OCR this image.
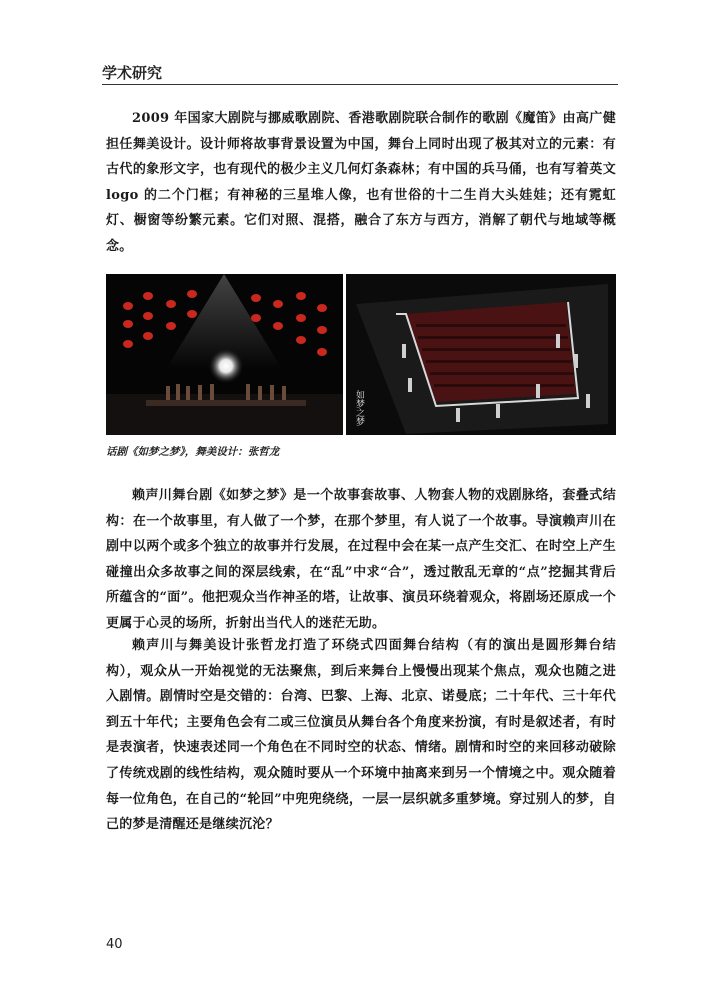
学术研究

2009 年国家大剧院与挪威歌剧院、香港歌剧院联合制作的歌剧《魔笛》由高广健担任舞美设计。设计师将故事背景设置为中国，舞台上同时出现了极其对立的元素：有古代的象形文字，也有现代的极少主义几何灯条森林；有中国的兵马俑，也有写着英文 logo 的二个门框；有神秘的三星堆人像，也有世俗的十二生肖大头娃娃；还有霓虹灯、橱窗等纷繁元素。它们对照、混搭，融合了东方与西方，消解了朝代与地域等概念。

如梦之梦
话剧《如梦之梦》，舞美设计：张哲龙

赖声川舞台剧《如梦之梦》是一个故事套故事、人物套人物的戏剧脉络，套叠式结构：在一个故事里，有人做了一个梦，在那个梦里，有人说了一个故事。导演赖声川在剧中以两个或多个独立的故事并行发展，在过程中会在某一点产生交汇、在时空上产生碰撞出众多故事之间的深层线索，在“乱”中求“合”，透过散乱无章的“点”挖掘其背后所蕴含的“面”。他把观众当作神圣的塔，让故事、演员环绕着观众，将剧场还原成一个更属于心灵的场所，折射出当代人的迷茫无助。

赖声川与舞美设计张哲龙打造了环绕式四面舞台结构（有的演出是圆形舞台结构），观众从一开始视觉的无法聚焦，到后来舞台上慢慢出现某个焦点，观众也随之进入剧情。剧情时空是交错的：台湾、巴黎、上海、北京、诺曼底；二十年代、三十年代到五十年代；主要角色会有二或三位演员从舞台各个角度来扮演，有时是叙述者，有时是表演者，快速表述同一个角色在不同时空的状态、情绪。剧情和时空的来回移动破除了传统戏剧的线性结构，观众随时要从一个环境中抽离来到另一个情境之中。观众随着每一位角色，在自己的“轮回”中兜兜绕绕，一层一层织就多重梦境。穿过别人的梦，自己的梦是清醒还是继续沉沦？

40
